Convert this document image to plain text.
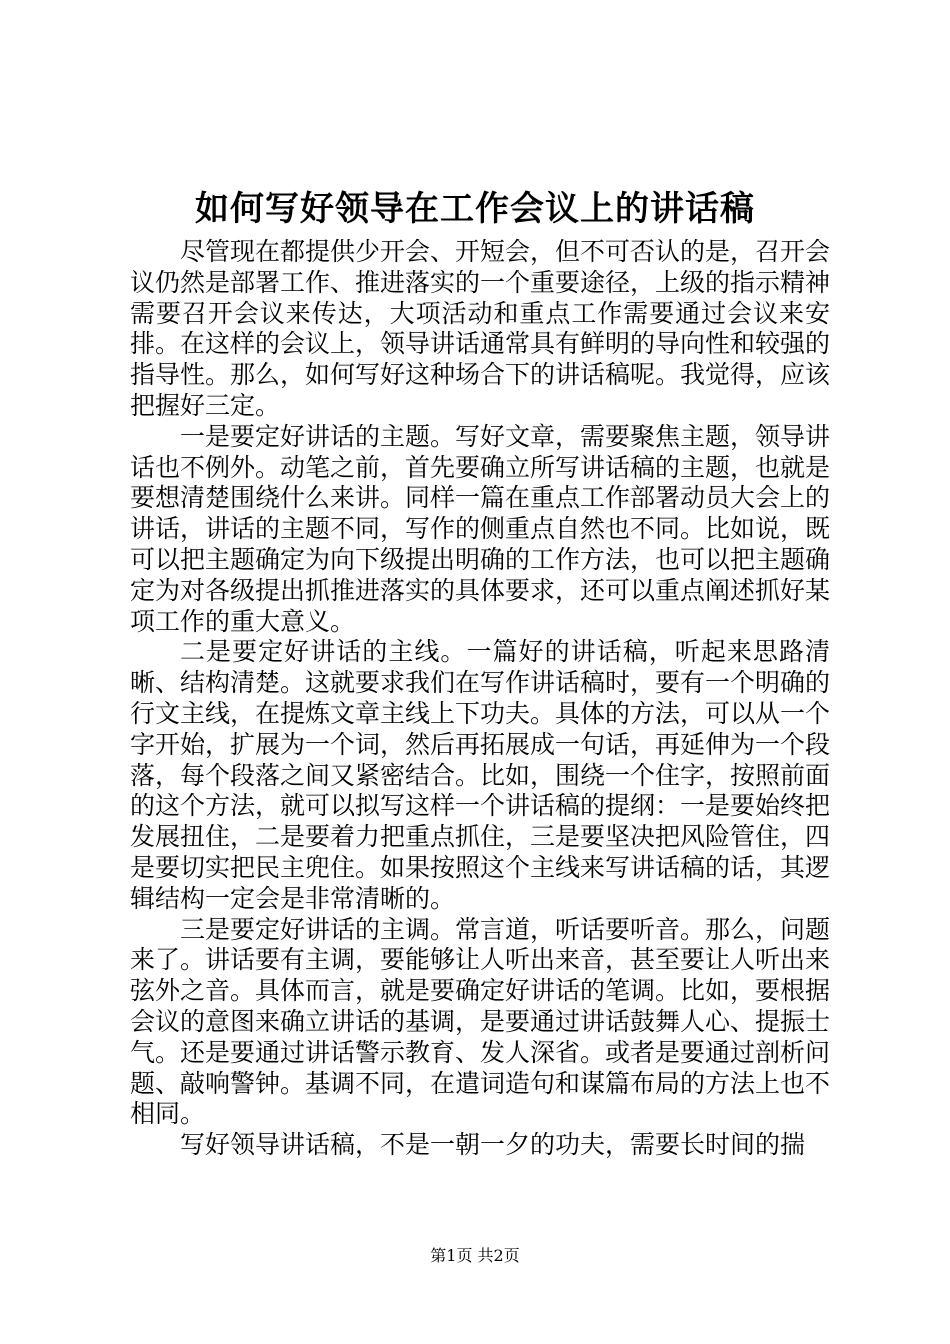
如何写好领导在工作会议上的讲话稿

尽管现在都提供少开会、开短会，但不可否认的是，召开会议仍然是部署工作、推进落实的一个重要途径，上级的指示精神需要召开会议来传达，大项活动和重点工作需要通过会议来安排。在这样的会议上，领导讲话通常具有鲜明的导向性和较强的指导性。那么，如何写好这种场合下的讲话稿呢。我觉得，应该把握好三定。

一是要定好讲话的主题。写好文章，需要聚焦主题，领导讲话也不例外。动笔之前，首先要确立所写讲话稿的主题，也就是要想清楚围绕什么来讲。同样一篇在重点工作部署动员大会上的讲话，讲话的主题不同，写作的侧重点自然也不同。比如说，既可以把主题确定为向下级提出明确的工作方法，也可以把主题确定为对各级提出抓推进落实的具体要求，还可以重点阐述抓好某项工作的重大意义。

二是要定好讲话的主线。一篇好的讲话稿，听起来思路清晰、结构清楚。这就要求我们在写作讲话稿时，要有一个明确的行文主线，在提炼文章主线上下功夫。具体的方法，可以从一个字开始，扩展为一个词，然后再拓展成一句话，再延伸为一个段落，每个段落之间又紧密结合。比如，围绕一个住字，按照前面的这个方法，就可以拟写这样一个讲话稿的提纲：一是要始终把发展扭住，二是要着力把重点抓住，三是要坚决把风险管住，四是要切实把民主兜住。如果按照这个主线来写讲话稿的话，其逻辑结构一定会是非常清晰的。

三是要定好讲话的主调。常言道，听话要听音。那么，问题来了。讲话要有主调，要能够让人听出来音，甚至要让人听出来弦外之音。具体而言，就是要确定好讲话的笔调。比如，要根据会议的意图来确立讲话的基调，是要通过讲话鼓舞人心、提振士气。还是要通过讲话警示教育、发人深省。或者是要通过剖析问题、敲响警钟。基调不同，在遣词造句和谋篇布局的方法上也不相同。

写好领导讲话稿，不是一朝一夕的功夫，需要长时间的揣

第1页 共2页
